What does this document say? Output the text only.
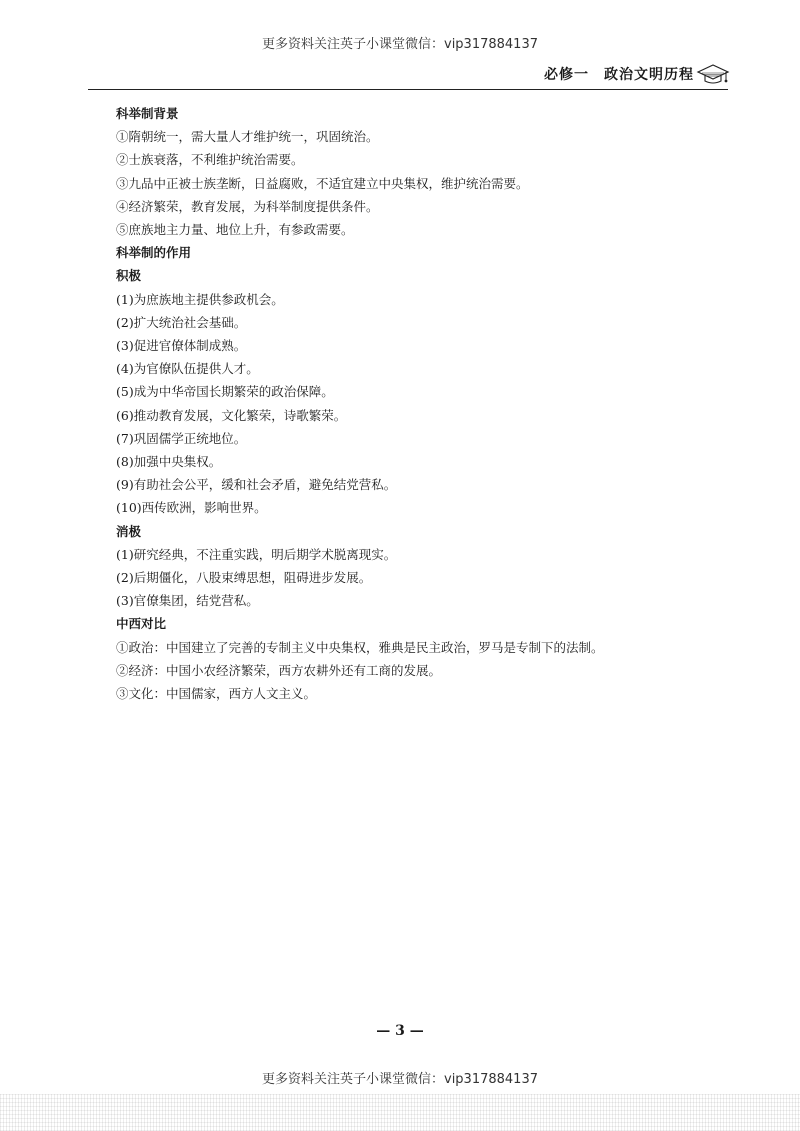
更多资料关注英子小课堂微信：vip317884137
必修一　政治文明历程
科举制背景
①隋朝统一，需大量人才维护统一，巩固统治。
②士族衰落，不利维护统治需要。
③九品中正被士族垄断，日益腐败，不适宜建立中央集权，维护统治需要。
④经济繁荣，教育发展，为科举制度提供条件。
⑤庶族地主力量、地位上升，有参政需要。
科举制的作用
积极
(1)为庶族地主提供参政机会。
(2)扩大统治社会基础。
(3)促进官僚体制成熟。
(4)为官僚队伍提供人才。
(5)成为中华帝国长期繁荣的政治保障。
(6)推动教育发展，文化繁荣，诗歌繁荣。
(7)巩固儒学正统地位。
(8)加强中央集权。
(9)有助社会公平，缓和社会矛盾，避免结党营私。
(10)西传欧洲，影响世界。
消极
(1)研究经典，不注重实践，明后期学术脱离现实。
(2)后期僵化，八股束缚思想，阻碍进步发展。
(3)官僚集团，结党营私。
中西对比
①政治：中国建立了完善的专制主义中央集权，雅典是民主政治，罗马是专制下的法制。
②经济：中国小农经济繁荣，西方农耕外还有工商的发展。
③文化：中国儒家，西方人文主义。
— 3 —
更多资料关注英子小课堂微信：vip317884137
